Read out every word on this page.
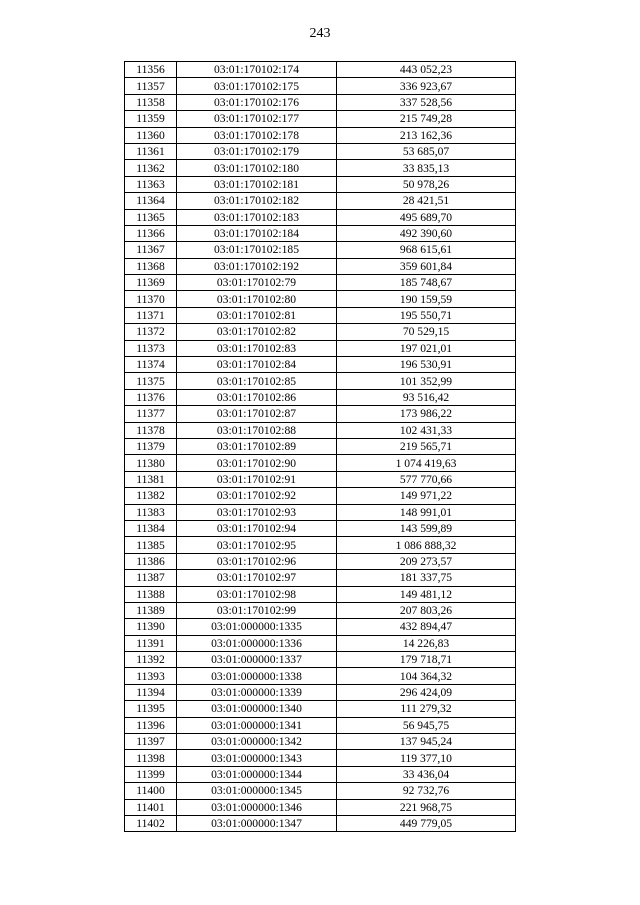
243
11356	03:01:170102:174	443 052,23
11357	03:01:170102:175	336 923,67
11358	03:01:170102:176	337 528,56
11359	03:01:170102:177	215 749,28
11360	03:01:170102:178	213 162,36
11361	03:01:170102:179	53 685,07
11362	03:01:170102:180	33 835,13
11363	03:01:170102:181	50 978,26
11364	03:01:170102:182	28 421,51
11365	03:01:170102:183	495 689,70
11366	03:01:170102:184	492 390,60
11367	03:01:170102:185	968 615,61
11368	03:01:170102:192	359 601,84
11369	03:01:170102:79	185 748,67
11370	03:01:170102:80	190 159,59
11371	03:01:170102:81	195 550,71
11372	03:01:170102:82	70 529,15
11373	03:01:170102:83	197 021,01
11374	03:01:170102:84	196 530,91
11375	03:01:170102:85	101 352,99
11376	03:01:170102:86	93 516,42
11377	03:01:170102:87	173 986,22
11378	03:01:170102:88	102 431,33
11379	03:01:170102:89	219 565,71
11380	03:01:170102:90	1 074 419,63
11381	03:01:170102:91	577 770,66
11382	03:01:170102:92	149 971,22
11383	03:01:170102:93	148 991,01
11384	03:01:170102:94	143 599,89
11385	03:01:170102:95	1 086 888,32
11386	03:01:170102:96	209 273,57
11387	03:01:170102:97	181 337,75
11388	03:01:170102:98	149 481,12
11389	03:01:170102:99	207 803,26
11390	03:01:000000:1335	432 894,47
11391	03:01:000000:1336	14 226,83
11392	03:01:000000:1337	179 718,71
11393	03:01:000000:1338	104 364,32
11394	03:01:000000:1339	296 424,09
11395	03:01:000000:1340	111 279,32
11396	03:01:000000:1341	56 945,75
11397	03:01:000000:1342	137 945,24
11398	03:01:000000:1343	119 377,10
11399	03:01:000000:1344	33 436,04
11400	03:01:000000:1345	92 732,76
11401	03:01:000000:1346	221 968,75
11402	03:01:000000:1347	449 779,05
